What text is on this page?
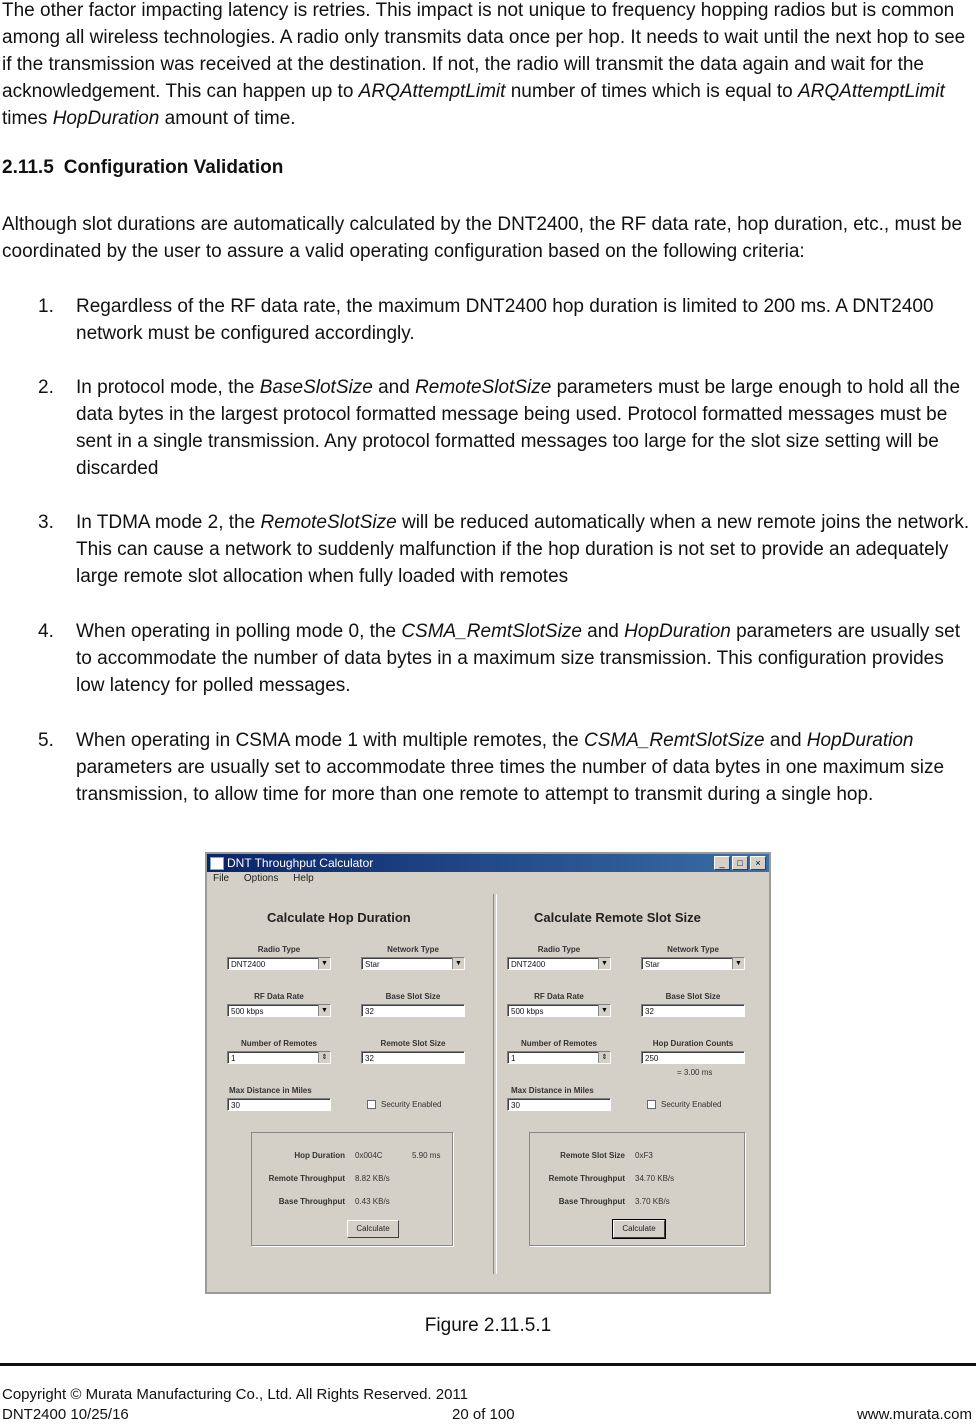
The other factor impacting latency is retries. This impact is not unique to frequency hopping radios but is common among all wireless technologies. A radio only transmits data once per hop. It needs to wait until the next hop to see if the transmission was received at the destination. If not, the radio will transmit the data again and wait for the acknowledgement. This can happen up to ARQAttemptLimit number of times which is equal to ARQAttemptLimit times HopDuration amount of time.

2.11.5 Configuration Validation

Although slot durations are automatically calculated by the DNT2400, the RF data rate, hop duration, etc., must be coordinated by the user to assure a valid operating configuration based on the following criteria:

1. Regardless of the RF data rate, the maximum DNT2400 hop duration is limited to 200 ms. A DNT2400 network must be configured accordingly.
2. In protocol mode, the BaseSlotSize and RemoteSlotSize parameters must be large enough to hold all the data bytes in the largest protocol formatted message being used. Protocol formatted messages must be sent in a single transmission. Any protocol formatted messages too large for the slot size setting will be discarded
3. In TDMA mode 2, the RemoteSlotSize will be reduced automatically when a new remote joins the network. This can cause a network to suddenly malfunction if the hop duration is not set to provide an adequately large remote slot allocation when fully loaded with remotes
4. When operating in polling mode 0, the CSMA_RemtSlotSize and HopDuration parameters are usually set to accommodate the number of data bytes in a maximum size transmission. This configuration provides low latency for polled messages.
5. When operating in CSMA mode 1 with multiple remotes, the CSMA_RemtSlotSize and HopDuration parameters are usually set to accommodate three times the number of data bytes in one maximum size transmission, to allow time for more than one remote to attempt to transmit during a single hop.
DNT Throughput Calculator	_	□	×
File Options Help
Calculate Hop Duration
Radio Type
DNT2400	▼
Network Type
Star	▼
RF Data Rate
500 kbps	▼
Base Slot Size
32
Number of Remotes
1	⇕
Remote Slot Size
32
Max Distance in Miles
30	Security Enabled
Hop Duration 0x004C	5.90 ms
Remote Throughput 8.82 KB/s
Base Throughput 0.43 KB/s
Calculate
Calculate Remote Slot Size
Radio Type
DNT2400	▼
Network Type
Star	▼
RF Data Rate
500 kbps	▼
Base Slot Size
32
Number of Remotes
1	⇕
Hop Duration Counts
250
= 3.00 ms
Max Distance in Miles
30	Security Enabled
Remote Slot Size 0xF3
Remote Throughput 34.70 KB/s
Base Throughput 3.70 KB/s
Calculate
Figure 2.11.5.1
Copyright © Murata Manufacturing Co., Ltd. All Rights Reserved. 2011
DNT2400 10/25/16	20 of 100	www.murata.com
